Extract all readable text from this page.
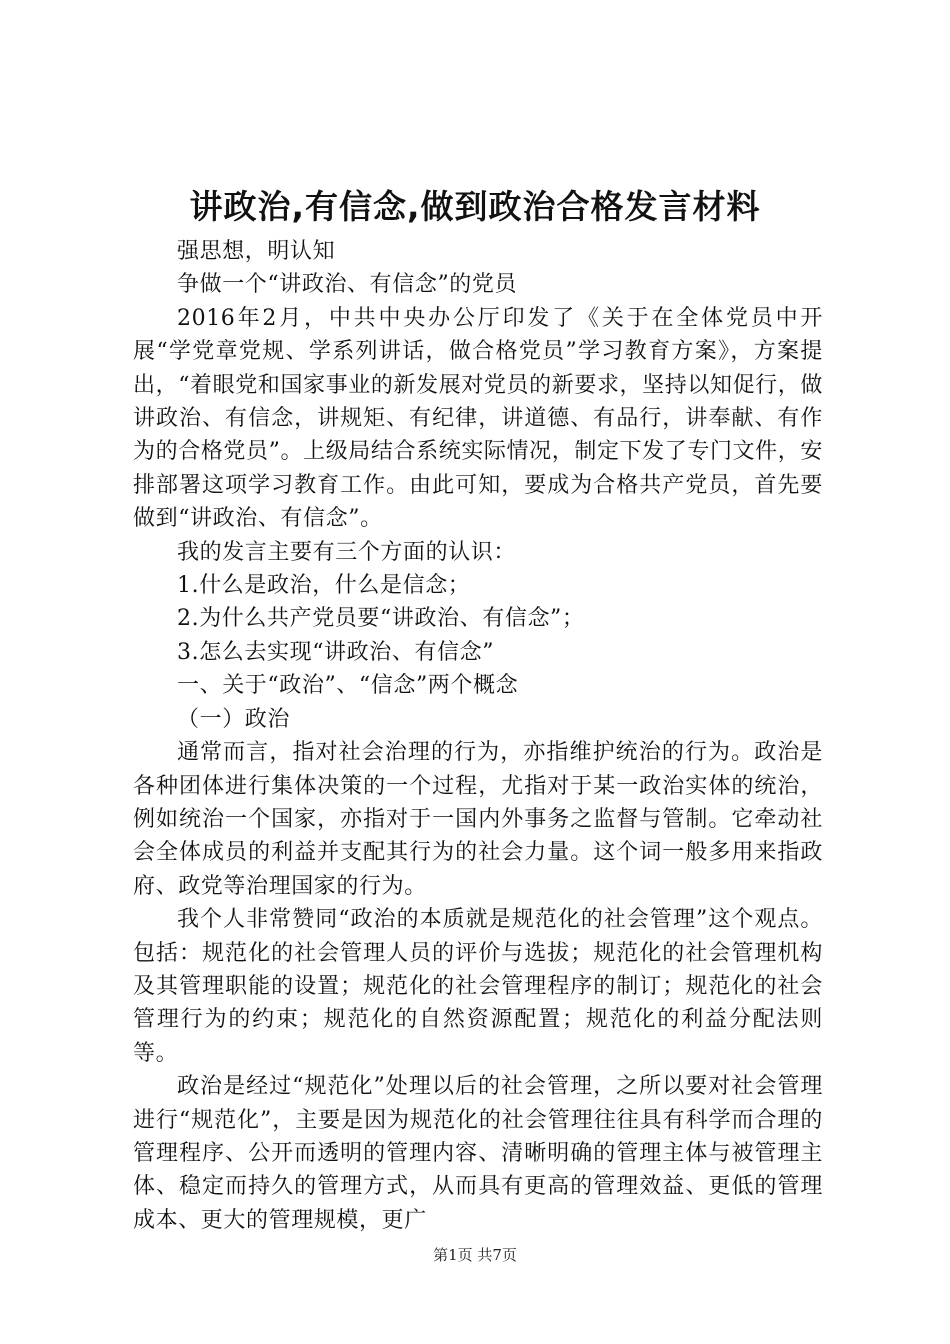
讲政治,有信念,做到政治合格发言材料

强思想，明认知

争做一个“讲政治、有信念”的党员

2016年2月，中共中央办公厅印发了《关于在全体党员中开展“学党章党规、学系列讲话，做合格党员”学习教育方案》，方案提出，“着眼党和国家事业的新发展对党员的新要求，坚持以知促行，做讲政治、有信念，讲规矩、有纪律，讲道德、有品行，讲奉献、有作为的合格党员”。上级局结合系统实际情况，制定下发了专门文件，安排部署这项学习教育工作。由此可知，要成为合格共产党员，首先要做到“讲政治、有信念”。

我的发言主要有三个方面的认识：

1.什么是政治，什么是信念；

2.为什么共产党员要“讲政治、有信念”；

3.怎么去实现“讲政治、有信念”

一、关于“政治”、“信念”两个概念

（一）政治

通常而言，指对社会治理的行为，亦指维护统治的行为。政治是各种团体进行集体决策的一个过程，尤指对于某一政治实体的统治，例如统治一个国家，亦指对于一国内外事务之监督与管制。它牵动社会全体成员的利益并支配其行为的社会力量。这个词一般多用来指政府、政党等治理国家的行为。

我个人非常赞同“政治的本质就是规范化的社会管理”这个观点。包括：规范化的社会管理人员的评价与选拔；规范化的社会管理机构及其管理职能的设置；规范化的社会管理程序的制订；规范化的社会管理行为的约束；规范化的自然资源配置；规范化的利益分配法则等。

政治是经过“规范化”处理以后的社会管理，之所以要对社会管理进行“规范化”，主要是因为规范化的社会管理往往具有科学而合理的管理程序、公开而透明的管理内容、清晰明确的管理主体与被管理主体、稳定而持久的管理方式，从而具有更高的管理效益、更低的管理成本、更大的管理规模，更广

第1页 共7页
